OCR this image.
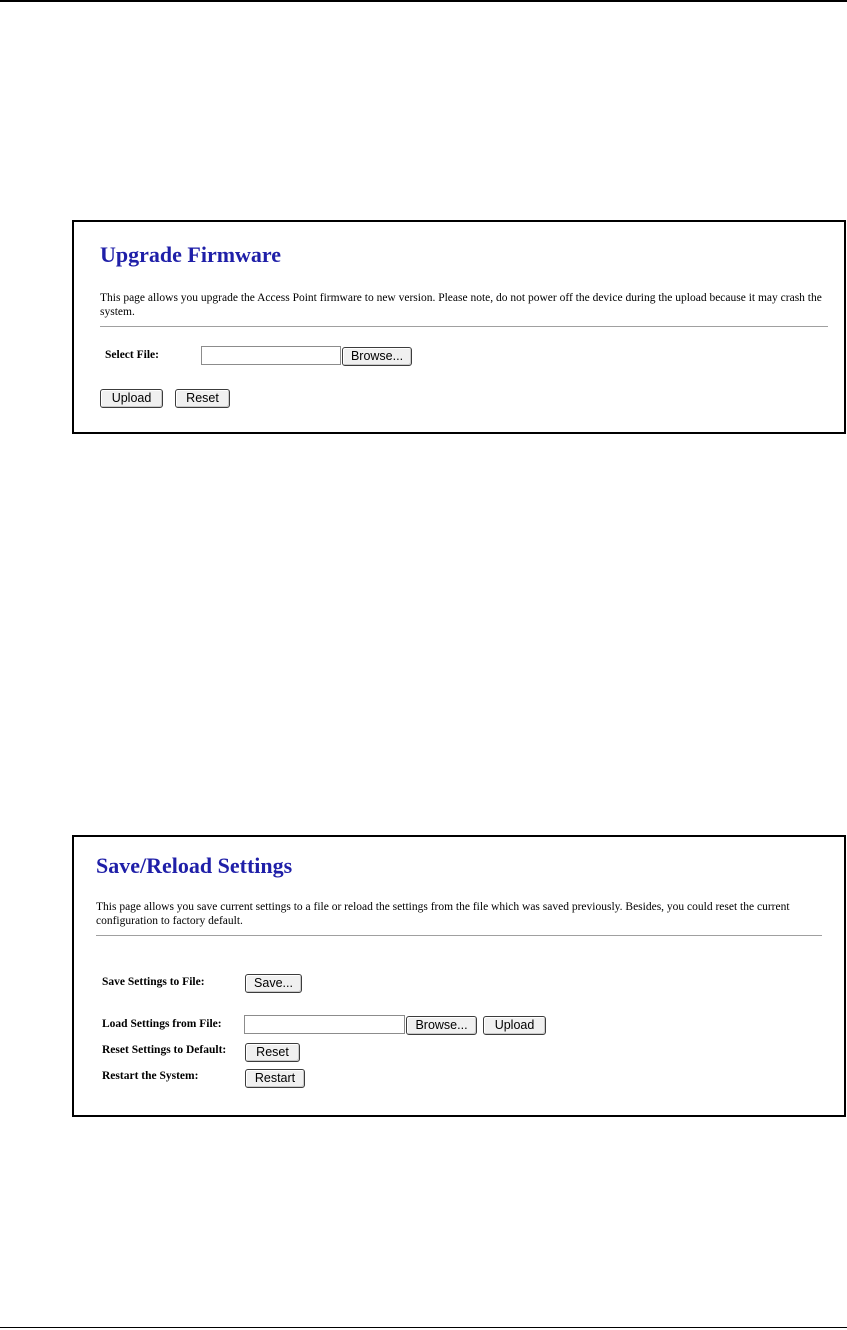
Upgrade Firmware
This page allows you upgrade the Access Point firmware to new version. Please note, do not power off the device during the upload because it may crash the system.
Select File:	Browse...
Upload	Reset
Save/Reload Settings
This page allows you save current settings to a file or reload the settings from the file which was saved previously. Besides, you could reset the current configuration to factory default.
Save Settings to File:	Save...
Load Settings from File:	Browse...	Upload
Reset Settings to Default:	Reset
Restart the System:	Restart
